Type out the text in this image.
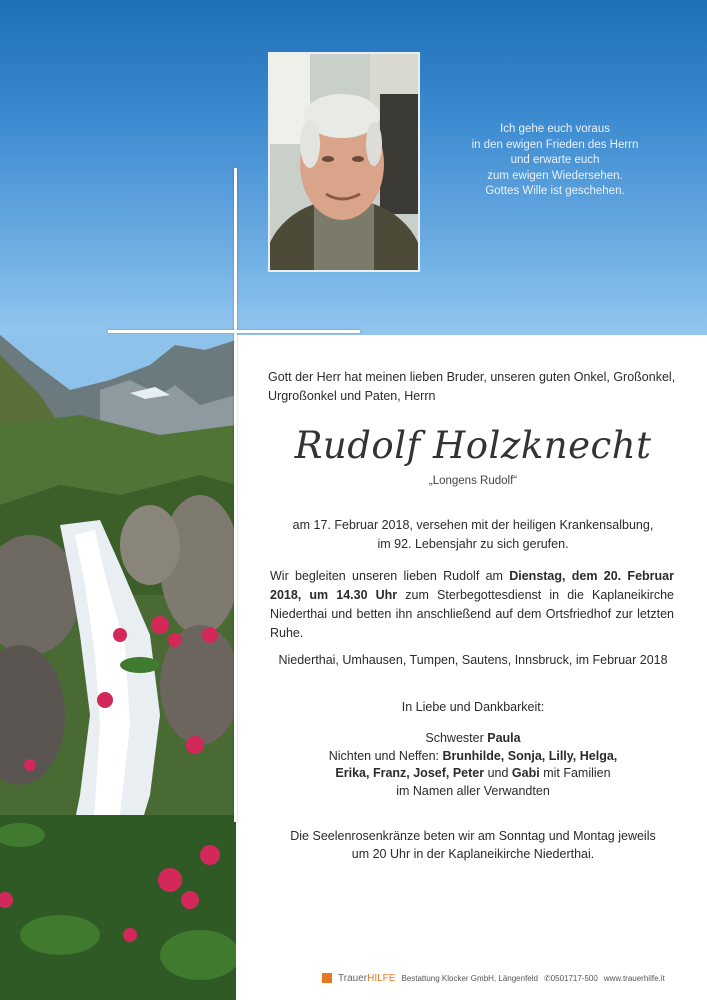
Ich gehe euch voraus
in den ewigen Frieden des Herrn
und erwarte euch
zum ewigen Wiedersehen.
Gottes Wille ist geschehen.
Gott der Herr hat meinen lieben Bruder, unseren guten Onkel, Großonkel, Urgroßonkel und Paten, Herrn
Rudolf Holzknecht
„Longens Rudolf“
am 17. Februar 2018, versehen mit der heiligen Krankensalbung,
im 92. Lebensjahr zu sich gerufen.
Wir begleiten unseren lieben Rudolf am Dienstag, dem 20. Februar 2018, um 14.30 Uhr zum Sterbegottesdienst in die Kaplaneikirche Niederthai und betten ihn anschließend auf dem Ortsfriedhof zur letzten Ruhe.
Niederthai, Umhausen, Tumpen, Sautens, Innsbruck, im Februar 2018
In Liebe und Dankbarkeit:
Schwester Paula
Nichten und Neffen: Brunhilde, Sonja, Lilly, Helga,
Erika, Franz, Josef, Peter und Gabi mit Familien
im Namen aller Verwandten
Die Seelenrosenkränze beten wir am Sonntag und Montag jeweils
um 20 Uhr in der Kaplaneikirche Niederthai.
TrauerHILFE Bestattung Klocker GmbH, Längenfeld ✆0501717-500 www.trauerhilfe.it
